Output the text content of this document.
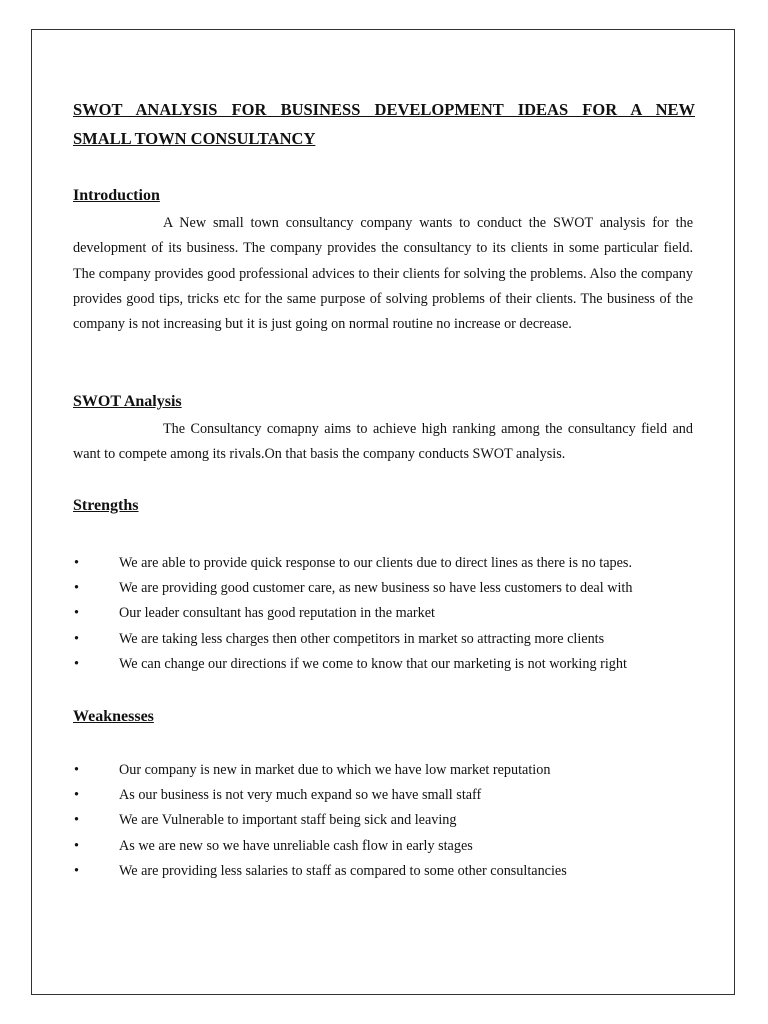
SWOT ANALYSIS FOR BUSINESS DEVELOPMENT IDEAS FOR A NEW
SMALL TOWN CONSULTANCY
Introduction

A New small town consultancy company wants to conduct the SWOT analysis for the development of its business. The company provides the consultancy to its clients in some particular field. The company provides good professional advices to their clients for solving the problems. Also the company provides good tips, tricks etc for the same purpose of solving problems of their clients. The business of the company is not increasing but it is just going on normal routine no increase or decrease.

SWOT Analysis

The Consultancy comapny aims to achieve high ranking among the consultancy field and want to compete among its rivals.On that basis the company conducts SWOT analysis.

Strengths
•	We are able to provide quick response to our clients due to direct lines as there is no tapes.
•	We are providing good customer care, as new business so have less customers to deal with
•	Our leader consultant has good reputation in the market
•	We are taking less charges then other competitors in market so attracting more clients
•	We can change our directions if we come to know that our marketing is not working right
Weaknesses
•	Our company is new in market due to which we have low market reputation
•	As our business is not very much expand so we have small staff
•	We are Vulnerable to important staff being sick and leaving
•	As we are new so we have unreliable cash flow in early stages
•	We are providing less salaries to staff as compared to some other consultancies
